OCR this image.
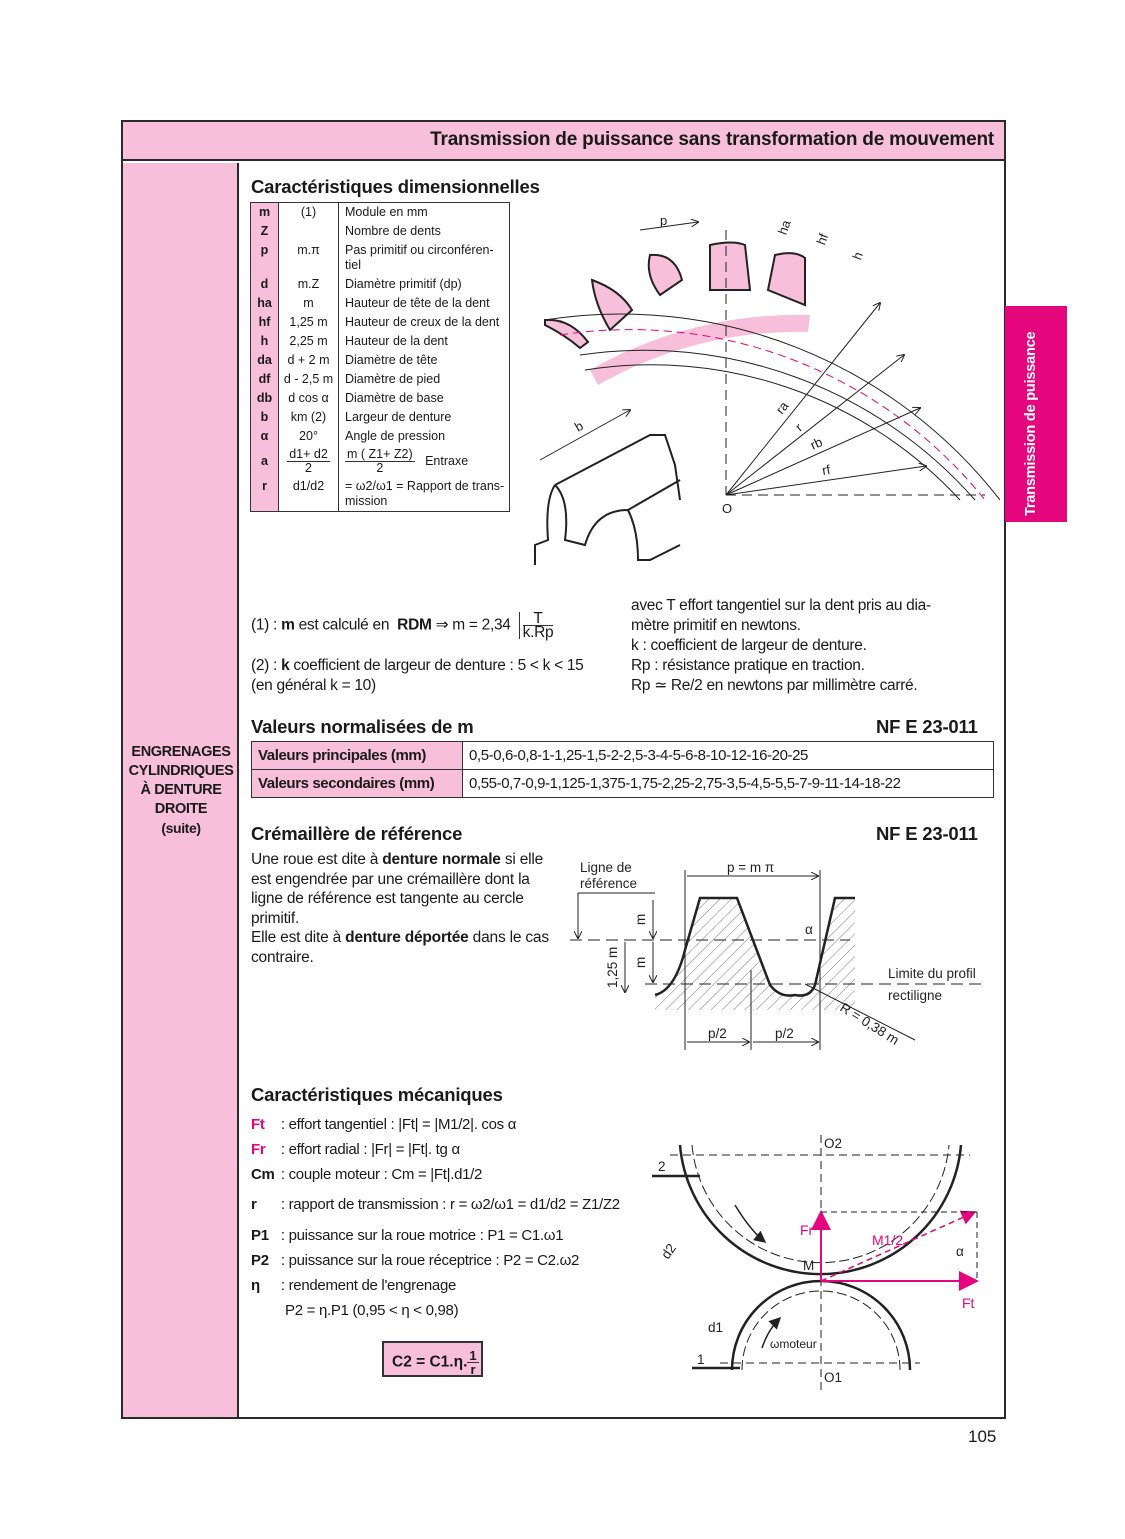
Transmission de puissance sans transformation de mouvement
ENGRENAGES
CYLINDRIQUES
À DENTURE
DROITE
(suite)
Transmission de puissance
Caractéristiques dimensionnelles
m	(1)	Module en mm
Z		Nombre de dents
p	m.π	Pas primitif ou circonféren-tiel
d	m.Z	Diamètre primitif (dp)
ha	m	Hauteur de tête de la dent
hf	1,25 m	Hauteur de creux de la dent
h	2,25 m	Hauteur de la dent
da	d + 2 m	Diamètre de tête
df	d - 2,5 m	Diamètre de pied
db	d cos α	Diamètre de base
b	km (2)	Largeur de denture
α	20°	Angle de pression
a	$\frac{d1+ d2}{2}$	$\frac{m ( Z1+ Z2)}{2}$ Entraxe
r	d1/d2	= ω2/ω1 = Rapport de trans-mission
p	ha
hf
h
ra
r
rb
rf
O
b
(1) : m est calculé en  RDM ⇒ $m = 2,34 \frac{T}{k.Rp}$
(2) : k coefficient de largeur de denture : 5 < k < 15
(en général k = 10)
avec T effort tangentiel sur la dent pris au dia-
mètre primitif en newtons.
k : coefficient de largeur de denture.
Rp : résistance pratique en traction.
Rp ≃ Re/2 en newtons par millimètre carré.
Valeurs normalisées de m	NF E 23-011
Valeurs principales (mm)	0,5-0,6-0,8-1-1,25-1,5-2-2,5-3-4-5-6-8-10-12-16-20-25
Valeurs secondaires (mm)	0,55-0,7-0,9-1,125-1,375-1,75-2,25-2,75-3,5-4,5-5,5-7-9-11-14-18-22
Crémaillère de référence	NF E 23-011
Une roue est dite à denture normale si elle est engendrée par une crémaillère dont la ligne de référence est tangente au cercle primitif.
Elle est dite à denture déportée dans le cas contraire.
Ligne de
référence
p = m π
α
Limite du profil
rectiligne
R = 0,38 m
p/2	p/2
m
m
1,25 m
Caractéristiques mécaniques
Ft : effort tangentiel : |Ft| = |M1/2|. cos α
Fr : effort radial : |Fr| = |Ft|. tg α
Cm : couple moteur : Cm = |Ft|.d1/2
r : rapport de transmission : r = ω2/ω1 = d1/d2 = Z1/Z2
P1 : puissance sur la roue motrice : P1 = C1.ω1
P2 : puissance sur la roue réceptrice : P2 = C2.ω2
η : rendement de l'engrenage
P2 = η.P1 (0,95 < η < 0,98)
C2 = C1.η. $\frac{1}{r}$
O2
O1
M
2
1
d2
d1
ωmoteur
α
Fr
Ft
M1/2
105
